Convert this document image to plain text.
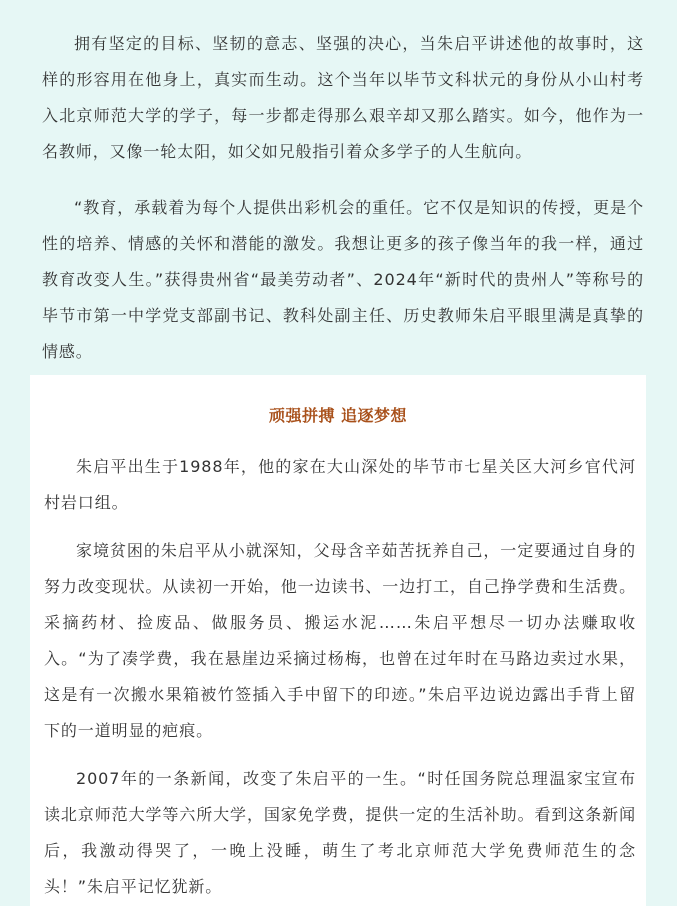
拥有坚定的目标、坚韧的意志、坚强的决心，当朱启平讲述他的故事时，这样的形容用在他身上，真实而生动。这个当年以毕节文科状元的身份从小山村考入北京师范大学的学子，每一步都走得那么艰辛却又那么踏实。如今，他作为一名教师，又像一轮太阳，如父如兄般指引着众多学子的人生航向。

“教育，承载着为每个人提供出彩机会的重任。它不仅是知识的传授，更是个性的培养、情感的关怀和潜能的激发。我想让更多的孩子像当年的我一样，通过教育改变人生。”获得贵州省“最美劳动者”、2024年“新时代的贵州人”等称号的毕节市第一中学党支部副书记、教科处副主任、历史教师朱启平眼里满是真挚的情感。

顽强拼搏 追逐梦想

朱启平出生于1988年，他的家在大山深处的毕节市七星关区大河乡官代河村岩口组。

家境贫困的朱启平从小就深知，父母含辛茹苦抚养自己，一定要通过自身的努力改变现状。从读初一开始，他一边读书、一边打工，自己挣学费和生活费。采摘药材、捡废品、做服务员、搬运水泥……朱启平想尽一切办法赚取收入。“为了凑学费，我在悬崖边采摘过杨梅，也曾在过年时在马路边卖过水果，这是有一次搬水果箱被竹签插入手中留下的印迹。”朱启平边说边露出手背上留下的一道明显的疤痕。

2007年的一条新闻，改变了朱启平的一生。“时任国务院总理温家宝宣布读北京师范大学等六所大学，国家免学费，提供一定的生活补助。看到这条新闻后，我激动得哭了，一晚上没睡，萌生了考北京师范大学免费师范生的念头！”朱启平记忆犹新。
